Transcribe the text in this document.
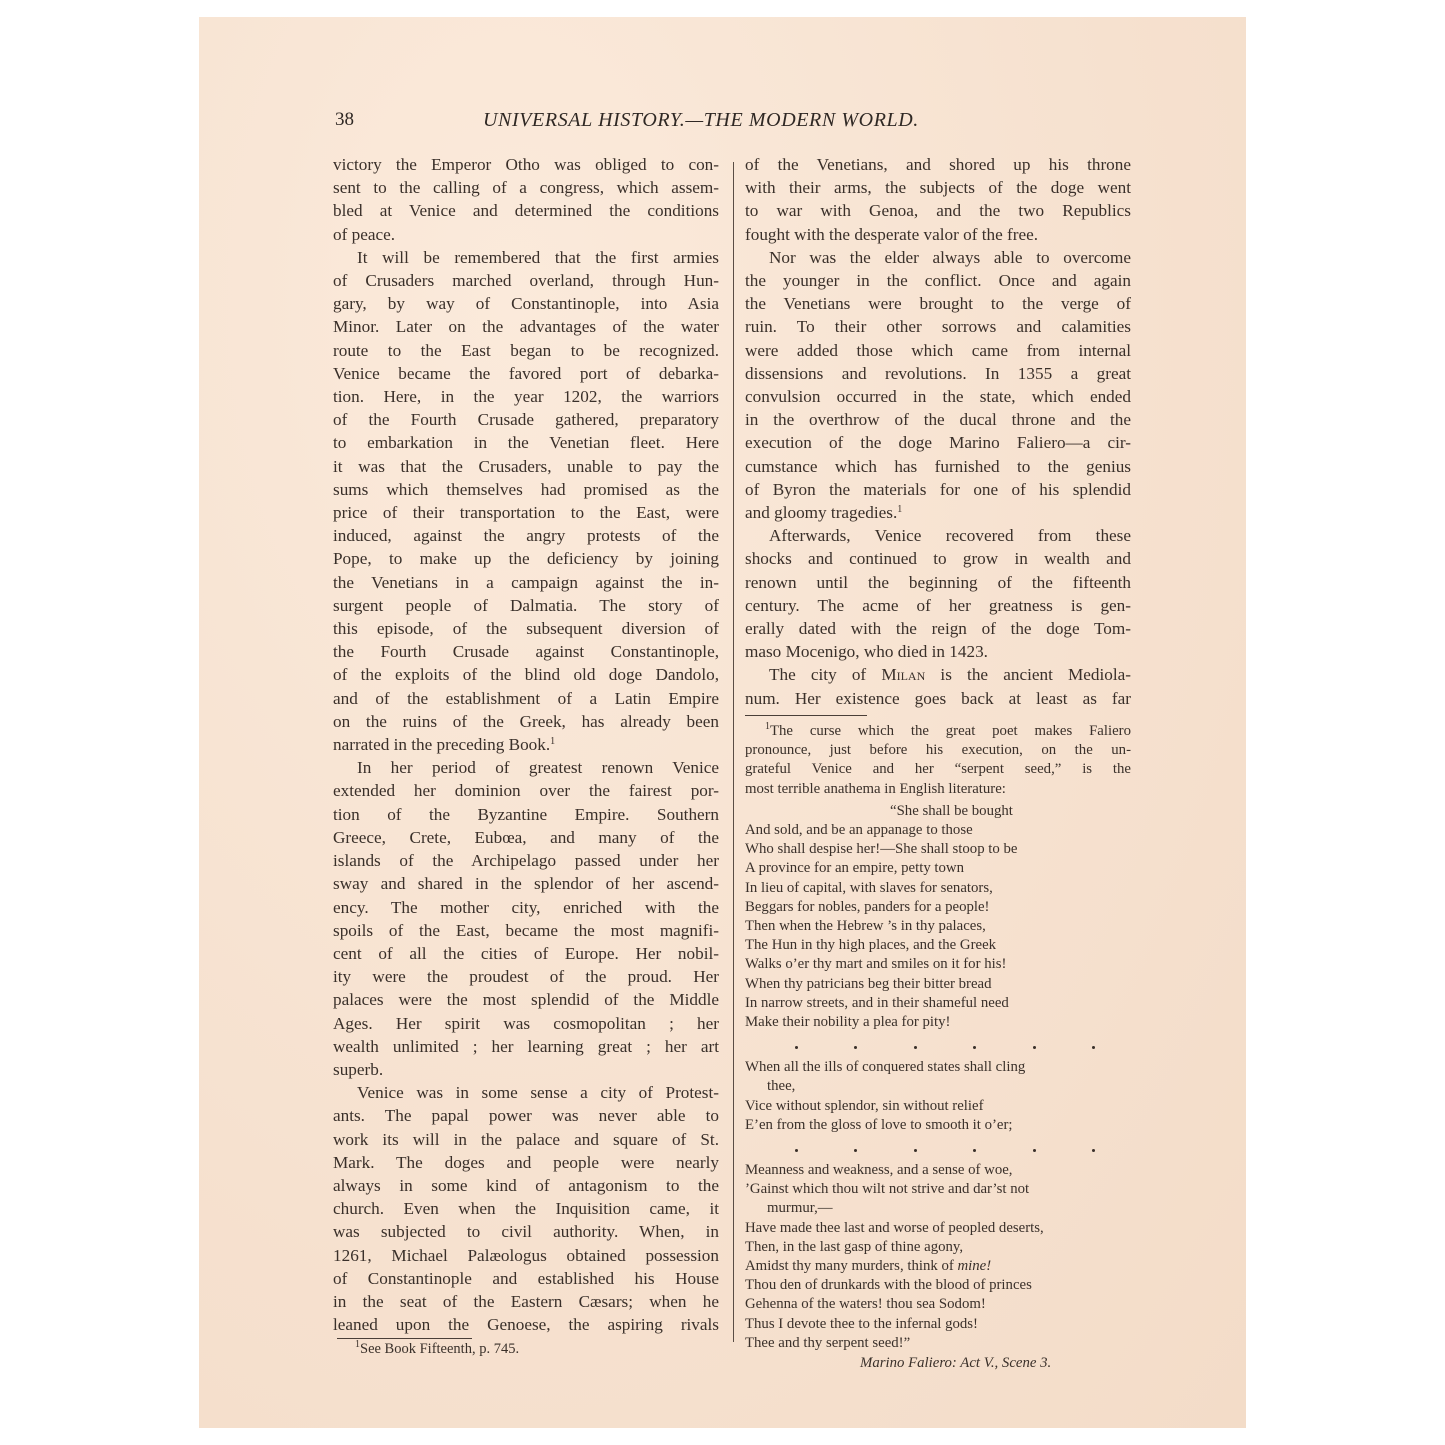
38	UNIVERSAL HISTORY.—THE MODERN WORLD.

victory the Emperor Otho was obliged to con-
sent to the calling of a congress, which assem-
bled at Venice and determined the conditions
of peace.

It will be remembered that the first armies
of Crusaders marched overland, through Hun-
gary, by way of Constantinople, into Asia
Minor. Later on the advantages of the water
route to the East began to be recognized.
Venice became the favored port of debarka-
tion. Here, in the year 1202, the warriors
of the Fourth Crusade gathered, preparatory
to embarkation in the Venetian fleet. Here
it was that the Crusaders, unable to pay the
sums which themselves had promised as the
price of their transportation to the East, were
induced, against the angry protests of the
Pope, to make up the deficiency by joining
the Venetians in a campaign against the in-
surgent people of Dalmatia. The story of
this episode, of the subsequent diversion of
the Fourth Crusade against Constantinople,
of the exploits of the blind old doge Dandolo,
and of the establishment of a Latin Empire
on the ruins of the Greek, has already been
narrated in the preceding Book.$^1$

In her period of greatest renown Venice
extended her dominion over the fairest por-
tion of the Byzantine Empire. Southern
Greece, Crete, Eubœa, and many of the
islands of the Archipelago passed under her
sway and shared in the splendor of her ascend-
ency. The mother city, enriched with the
spoils of the East, became the most magnifi-
cent of all the cities of Europe. Her nobil-
ity were the proudest of the proud. Her
palaces were the most splendid of the Middle
Ages. Her spirit was cosmopolitan ; her
wealth unlimited ; her learning great ; her art
superb.

Venice was in some sense a city of Protest-
ants. The papal power was never able to
work its will in the palace and square of St.
Mark. The doges and people were nearly
always in some kind of antagonism to the
church. Even when the Inquisition came, it
was subjected to civil authority. When, in
1261, Michael Palæologus obtained possession
of Constantinople and established his House
in the seat of the Eastern Cæsars; when he
leaned upon the Genoese, the aspiring rivals

$^1$See Book Fifteenth, p. 745.

of the Venetians, and shored up his throne
with their arms, the subjects of the doge went
to war with Genoa, and the two Republics
fought with the desperate valor of the free.

Nor was the elder always able to overcome
the younger in the conflict. Once and again
the Venetians were brought to the verge of
ruin. To their other sorrows and calamities
were added those which came from internal
dissensions and revolutions. In 1355 a great
convulsion occurred in the state, which ended
in the overthrow of the ducal throne and the
execution of the doge Marino Faliero—a cir-
cumstance which has furnished to the genius
of Byron the materials for one of his splendid
and gloomy tragedies.$^1$

Afterwards, Venice recovered from these
shocks and continued to grow in wealth and
renown until the beginning of the fifteenth
century. The acme of her greatness is gen-
erally dated with the reign of the doge Tom-
maso Mocenigo, who died in 1423.

The city of Milan is the ancient Mediola-
num. Her existence goes back at least as far

$^1$The curse which the great poet makes Faliero
pronounce, just before his execution, on the un-
grateful Venice and her “serpent seed,” is the
most terrible anathema in English literature:

“She shall be bought
And sold, and be an appanage to those
Who shall despise her!—She shall stoop to be
A province for an empire, petty town
In lieu of capital, with slaves for senators,
Beggars for nobles, panders for a people!
Then when the Hebrew ’s in thy palaces,
The Hun in thy high places, and the Greek
Walks o’er thy mart and smiles on it for his!
When thy patricians beg their bitter bread
In narrow streets, and in their shameful need
Make their nobility a plea for pity!
When all the ills of conquered states shall cling
thee,
Vice without splendor, sin without relief
E’en from the gloss of love to smooth it o’er;
Meanness and weakness, and a sense of woe,
’Gainst which thou wilt not strive and dar’st not
murmur,—
Have made thee last and worse of peopled deserts,
Then, in the last gasp of thine agony,
Amidst thy many murders, think of mine!
Thou den of drunkards with the blood of princes
Gehenna of the waters! thou sea Sodom!
Thus I devote thee to the infernal gods!
Thee and thy serpent seed!”
Marino Faliero: Act V., Scene 3.
